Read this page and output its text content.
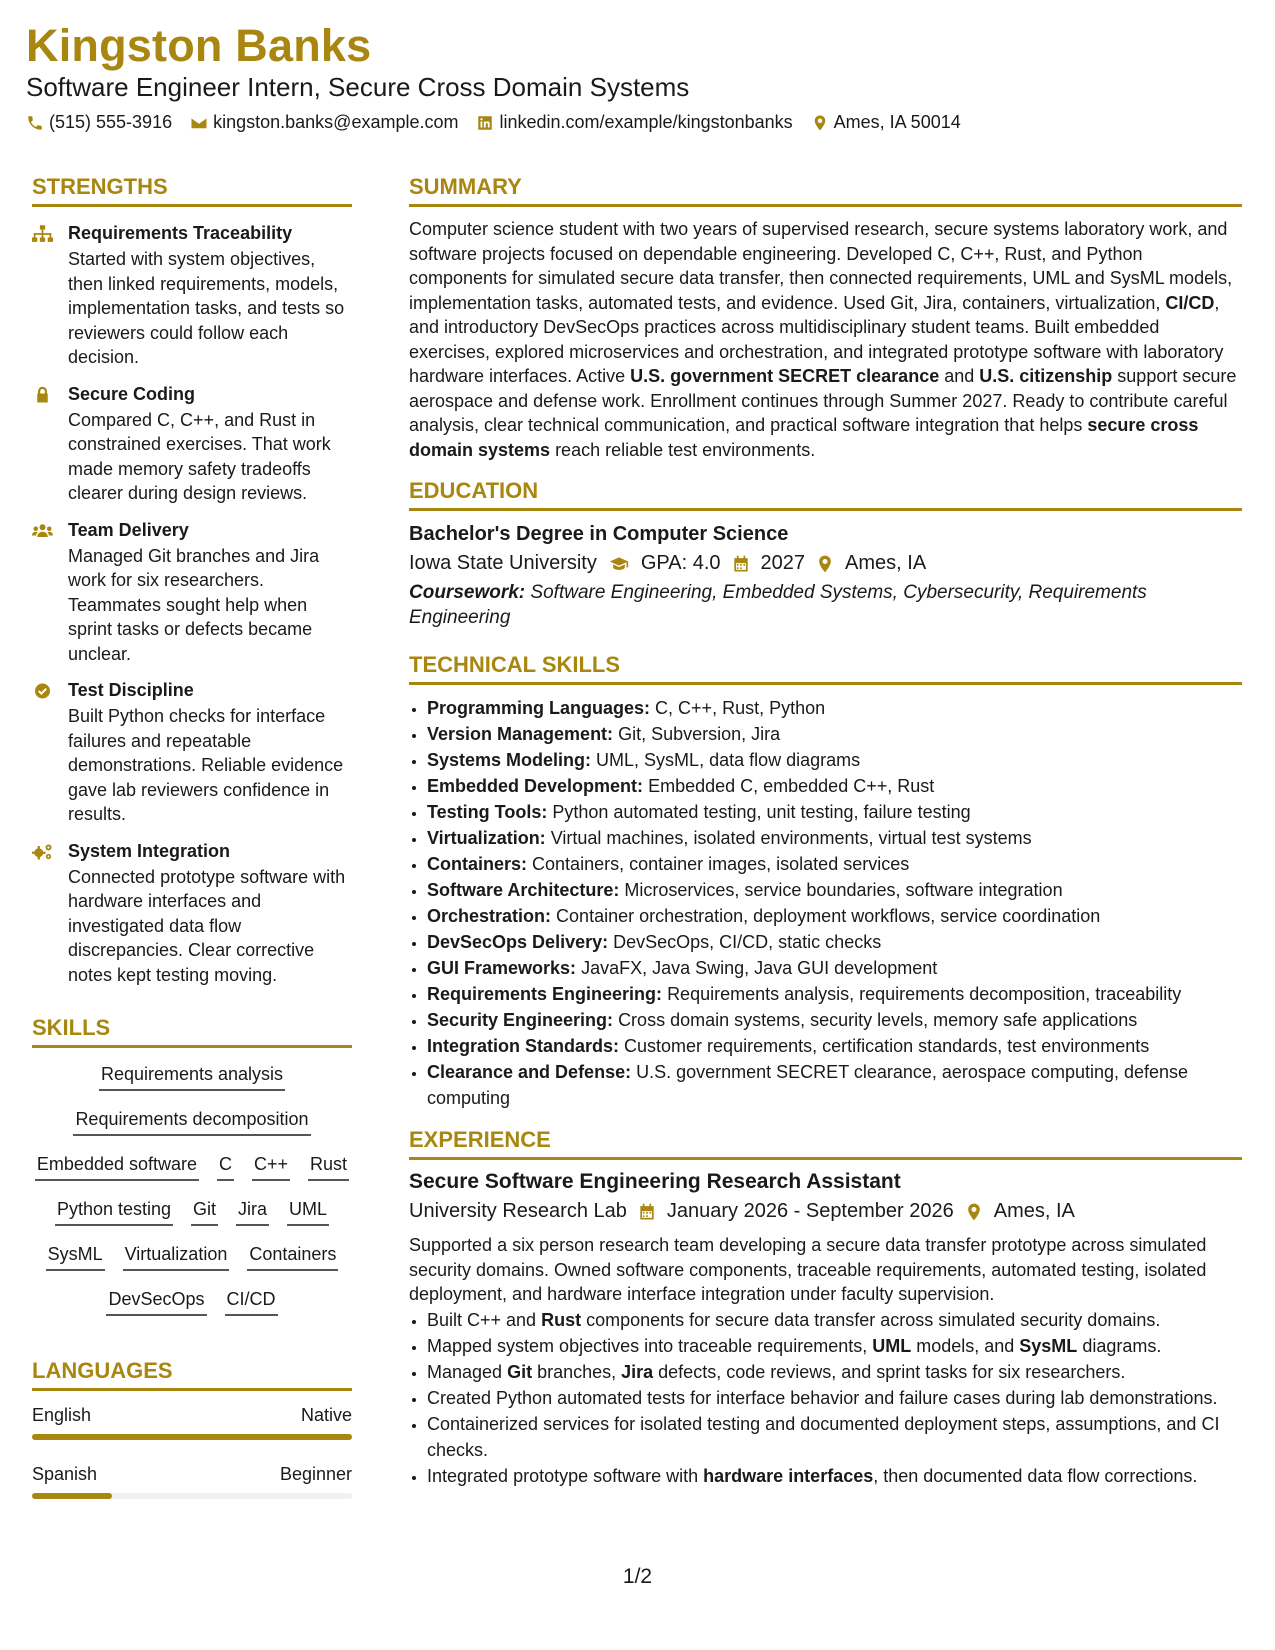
Kingston Banks
Software Engineer Intern, Secure Cross Domain Systems
(515) 555-3916 kingston.banks@example.com linkedin.com/example/kingstonbanks Ames, IA 50014
STRENGTHS
Requirements Traceability
Started with system objectives, then linked requirements, models, implementation tasks, and tests so reviewers could follow each decision.
Secure Coding
Compared C, C++, and Rust in constrained exercises. That work made memory safety tradeoffs clearer during design reviews.
Team Delivery
Managed Git branches and Jira work for six researchers. Teammates sought help when sprint tasks or defects became unclear.
Test Discipline
Built Python checks for interface failures and repeatable demonstrations. Reliable evidence gave lab reviewers confidence in results.
System Integration
Connected prototype software with hardware interfaces and investigated data flow discrepancies. Clear corrective notes kept testing moving.
SKILLS
Requirements analysis
Requirements decomposition
Embedded software C C++ Rust
Python testing Git Jira UML
SysML Virtualization Containers
DevSecOps CI/CD
LANGUAGES
English	Native
Spanish	Beginner
SUMMARY
Computer science student with two years of supervised research, secure systems laboratory work, and software projects focused on dependable engineering. Developed C, C++, Rust, and Python components for simulated secure data transfer, then connected requirements, UML and SysML models, implementation tasks, automated tests, and evidence. Used Git, Jira, containers, virtualization, CI/CD, and introductory DevSecOps practices across multidisciplinary student teams. Built embedded exercises, explored microservices and orchestration, and integrated prototype software with laboratory hardware interfaces. Active U.S. government SECRET clearance and U.S. citizenship support secure aerospace and defense work. Enrollment continues through Summer 2027. Ready to contribute careful analysis, clear technical communication, and practical software integration that helps secure cross domain systems reach reliable test environments.
EDUCATION
Bachelor's Degree in Computer Science
Iowa State University GPA: 4.0 2027 Ames, IA
Coursework: Software Engineering, Embedded Systems, Cybersecurity, Requirements Engineering
TECHNICAL SKILLS
• Programming Languages: C, C++, Rust, Python
• Version Management: Git, Subversion, Jira
• Systems Modeling: UML, SysML, data flow diagrams
• Embedded Development: Embedded C, embedded C++, Rust
• Testing Tools: Python automated testing, unit testing, failure testing
• Virtualization: Virtual machines, isolated environments, virtual test systems
• Containers: Containers, container images, isolated services
• Software Architecture: Microservices, service boundaries, software integration
• Orchestration: Container orchestration, deployment workflows, service coordination
• DevSecOps Delivery: DevSecOps, CI/CD, static checks
• GUI Frameworks: JavaFX, Java Swing, Java GUI development
• Requirements Engineering: Requirements analysis, requirements decomposition, traceability
• Security Engineering: Cross domain systems, security levels, memory safe applications
• Integration Standards: Customer requirements, certification standards, test environments
• Clearance and Defense: U.S. government SECRET clearance, aerospace computing, defense computing
EXPERIENCE
Secure Software Engineering Research Assistant
University Research Lab January 2026 - September 2026 Ames, IA
Supported a six person research team developing a secure data transfer prototype across simulated security domains. Owned software components, traceable requirements, automated testing, isolated deployment, and hardware interface integration under faculty supervision.
• Built C++ and Rust components for secure data transfer across simulated security domains.
• Mapped system objectives into traceable requirements, UML models, and SysML diagrams.
• Managed Git branches, Jira defects, code reviews, and sprint tasks for six researchers.
• Created Python automated tests for interface behavior and failure cases during lab demonstrations.
• Containerized services for isolated testing and documented deployment steps, assumptions, and CI checks.
• Integrated prototype software with hardware interfaces, then documented data flow corrections.
1/2
